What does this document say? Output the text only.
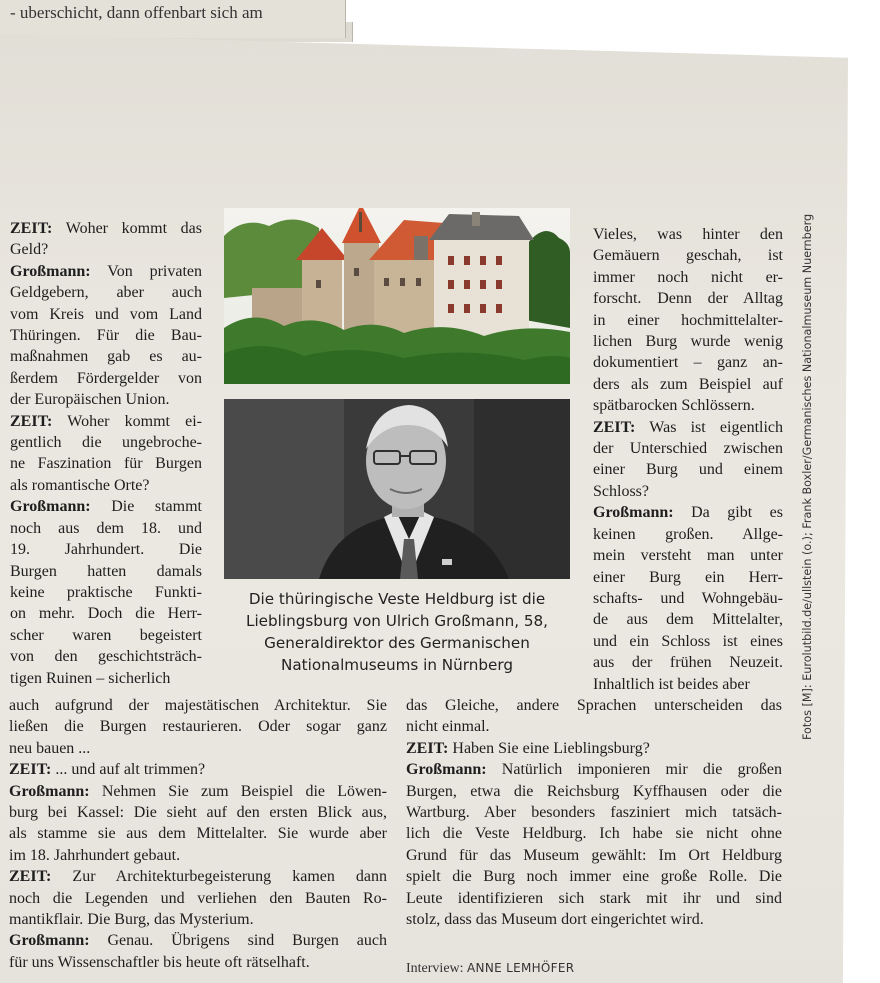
- uberschicht, dann offenbart sich am

ZEIT: Woher kommt das

Geld?

Großmann: Von privaten

Geldgebern, aber auch

vom Kreis und vom Land

Thüringen. Für die Bau-

maßnahmen gab es au-

ßerdem Fördergelder von

der Europäischen Union.

ZEIT: Woher kommt ei-

gentlich die ungebroche-

ne Faszination für Burgen

als romantische Orte?

Großmann: Die stammt

noch aus dem 18. und

19. Jahrhundert. Die

Burgen hatten damals

keine praktische Funkti-

on mehr. Doch die Herr-

scher waren begeistert

von den geschichtsträch-

tigen Ruinen – sicherlich

Die thüringische Veste Heldburg ist die
Lieblingsburg von Ulrich Großmann, 58,
Generaldirektor des Germanischen
Nationalmuseums in Nürnberg

Vieles, was hinter den

Gemäuern geschah, ist

immer noch nicht er-

forscht. Denn der Alltag

in einer hochmittelalter-

lichen Burg wurde wenig

dokumentiert – ganz an-

ders als zum Beispiel auf

spätbarocken Schlössern.

ZEIT: Was ist eigentlich

der Unterschied zwischen

einer Burg und einem

Schloss?

Großmann: Da gibt es

keinen großen. Allge-

mein versteht man unter

einer Burg ein Herr-

schafts- und Wohngebäu-

de aus dem Mittelalter,

und ein Schloss ist eines

aus der frühen Neuzeit.

Inhaltlich ist beides aber	Fotos [M]: Eurolutbild.de/ullstein (o.); Frank Boxler/Germanisches Nationalmuseum Nuernberg

auch aufgrund der majestätischen Architektur. Sie

ließen die Burgen restaurieren. Oder sogar ganz

neu bauen ...

ZEIT: ... und auf alt trimmen?

Großmann: Nehmen Sie zum Beispiel die Löwen-

burg bei Kassel: Die sieht auf den ersten Blick aus,

als stamme sie aus dem Mittelalter. Sie wurde aber

im 18. Jahrhundert gebaut.

ZEIT: Zur Architekturbegeisterung kamen dann

noch die Legenden und verliehen den Bauten Ro-

mantikflair. Die Burg, das Mysterium.

Großmann: Genau. Übrigens sind Burgen auch

für uns Wissenschaftler bis heute oft rätselhaft.

das Gleiche, andere Sprachen unterscheiden das

nicht einmal.

ZEIT: Haben Sie eine Lieblingsburg?

Großmann: Natürlich imponieren mir die großen

Burgen, etwa die Reichsburg Kyffhausen oder die

Wartburg. Aber besonders fasziniert mich tatsäch-

lich die Veste Heldburg. Ich habe sie nicht ohne

Grund für das Museum gewählt: Im Ort Heldburg

spielt die Burg noch immer eine große Rolle. Die

Leute identifizieren sich stark mit ihr und sind

stolz, dass das Museum dort eingerichtet wird.

Interview: ANNE LEMHÖFER
